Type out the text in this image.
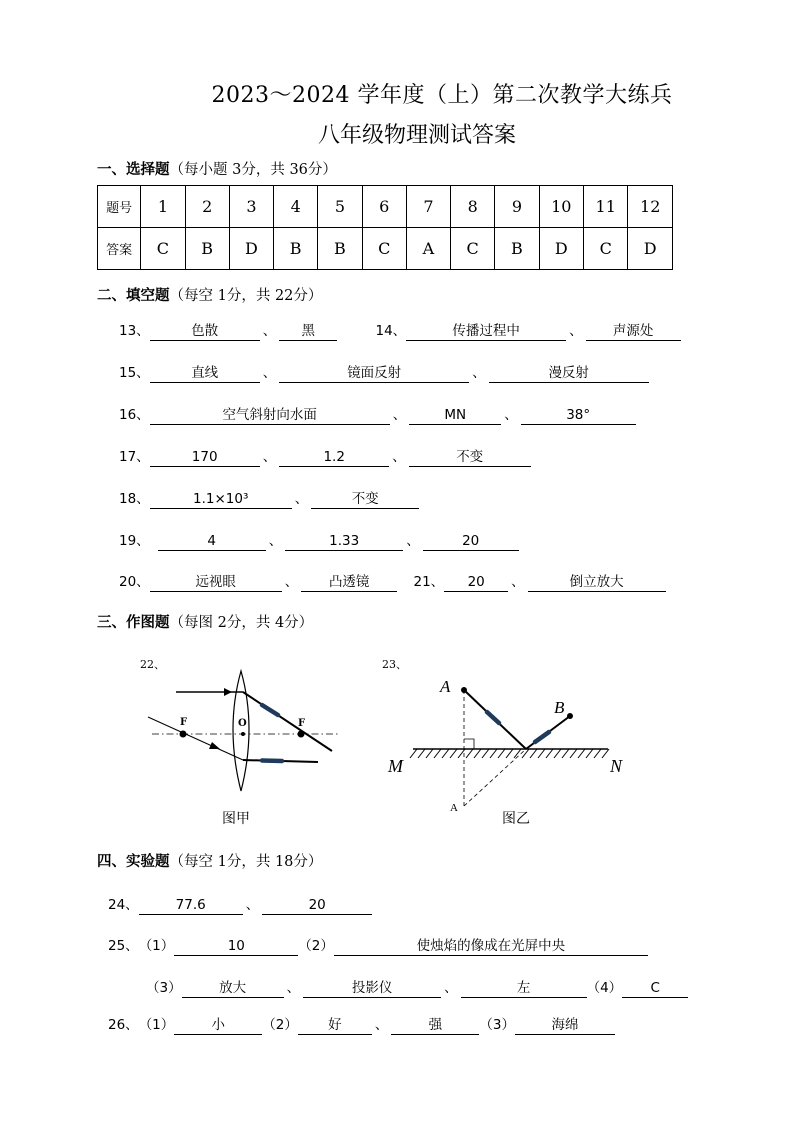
2023～2024 学年度（上）第二次教学大练兵
八年级物理测试答案
一、选择题（每小题 3分，共 36分）
题号	1	2	3	4	5	6	7	8	9	10	11	12
答案	C	B	D	B	B	C	A	C	B	D	C	D
二、填空题（每空 1分，共 22分）
13、	色散	、 黑	14、	传播过程中	、 声源处
15、	直线	、	镜面反射	、	漫反射
16、	空气斜射向水面	、	MN	、	38°
17、	170	、	1.2	、	不变
18、	1.1×10³	、	不变
19、	4	、	1.33	、	20
20、	远视眼	、 凸透镜	21、 20 、	倒立放大
三、作图题（每图 2分，共 4分）
22、	23、
F	O	F
图甲
A
B
M	N
A
图乙
四、实验题（每空 1分，共 18分）
24、	77.6	、	20
25、（1）	10	（2）	使烛焰的像成在光屏中央
（3）	放大	、	投影仪	、	左	（4） C
26、（1）	小	（2） 好 、	强	（3）	海绵
